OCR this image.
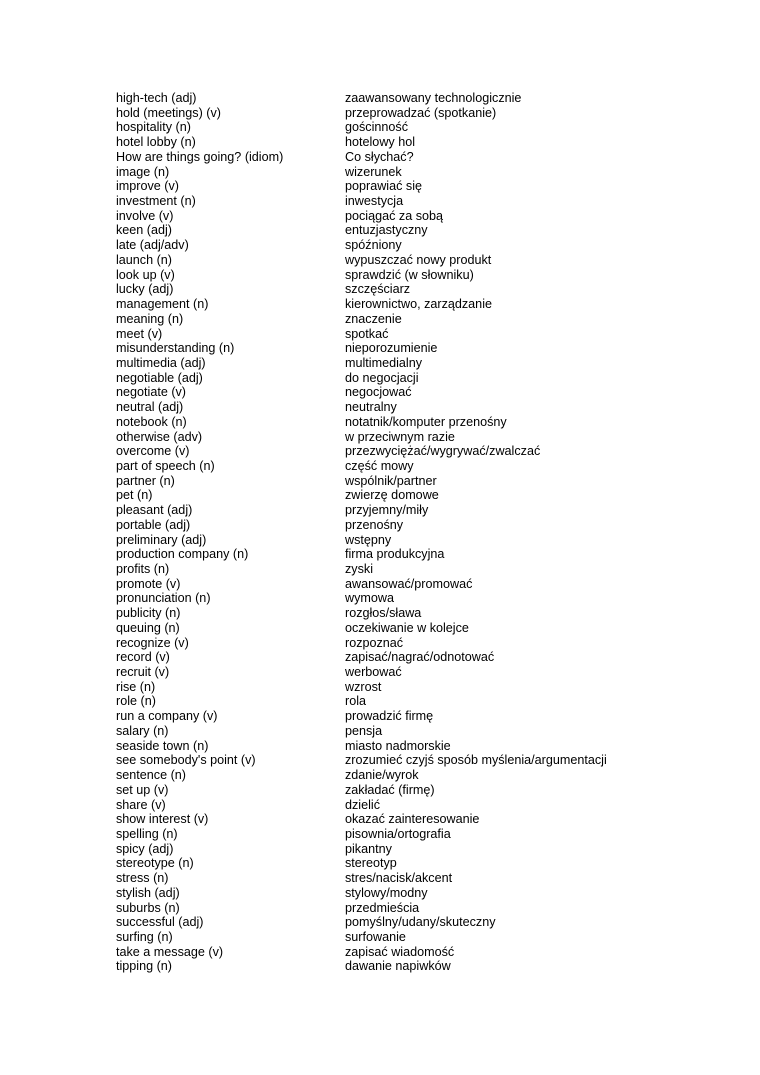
high-tech (adj)	zaawansowany technologicznie
hold (meetings) (v)	przeprowadzać (spotkanie)
hospitality (n)	gościnność
hotel lobby (n)	hotelowy hol
How are things going? (idiom)	Co słychać?
image (n)	wizerunek
improve (v)	poprawiać się
investment (n)	inwestycja
involve (v)	pociągać za sobą
keen (adj)	entuzjastyczny
late (adj/adv)	spóźniony
launch (n)	wypuszczać nowy produkt
look up (v)	sprawdzić (w słowniku)
lucky (adj)	szczęściarz
management (n)	kierownictwo, zarządzanie
meaning (n)	znaczenie
meet (v)	spotkać
misunderstanding (n)	nieporozumienie
multimedia (adj)	multimedialny
negotiable (adj)	do negocjacji
negotiate (v)	negocjować
neutral (adj)	neutralny
notebook (n)	notatnik/komputer przenośny
otherwise (adv)	w przeciwnym razie
overcome (v)	przezwyciężać/wygrywać/zwalczać
part of speech (n)	część mowy
partner (n)	wspólnik/partner
pet (n)	zwierzę domowe
pleasant (adj)	przyjemny/miły
portable (adj)	przenośny
preliminary (adj)	wstępny
production company (n)	firma produkcyjna
profits (n)	zyski
promote (v)	awansować/promować
pronunciation (n)	wymowa
publicity (n)	rozgłos/sława
queuing (n)	oczekiwanie w kolejce
recognize (v)	rozpoznać
record (v)	zapisać/nagrać/odnotować
recruit (v)	werbować
rise (n)	wzrost
role (n)	rola
run a company (v)	prowadzić firmę
salary (n)	pensja
seaside town (n)	miasto nadmorskie
see somebody's point (v)	zrozumieć czyjś sposób myślenia/argumentacji
sentence (n)	zdanie/wyrok
set up (v)	zakładać (firmę)
share (v)	dzielić
show interest (v)	okazać zainteresowanie
spelling (n)	pisownia/ortografia
spicy (adj)	pikantny
stereotype (n)	stereotyp
stress (n)	stres/nacisk/akcent
stylish (adj)	stylowy/modny
suburbs (n)	przedmieścia
successful (adj)	pomyślny/udany/skuteczny
surfing (n)	surfowanie
take a message (v)	zapisać wiadomość
tipping (n)	dawanie napiwków
